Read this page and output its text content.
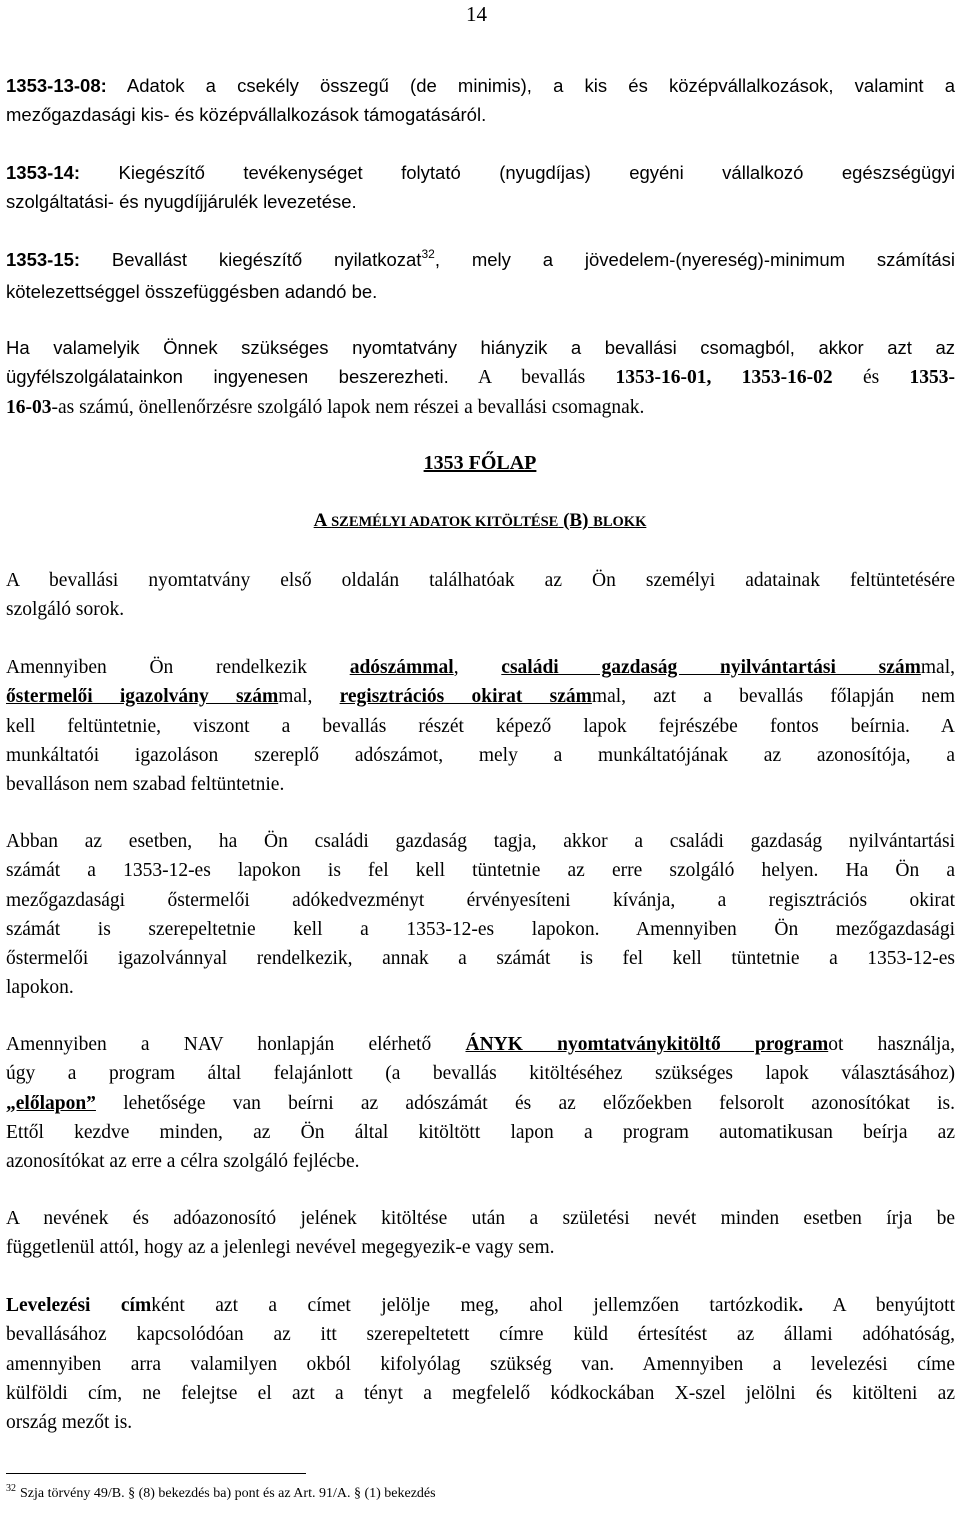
14
1353-13-08: Adatok a csekély összegű (de minimis), a kis és középvállalkozások, valamint a
mezőgazdasági kis- és középvállalkozások támogatásáról.
1353-14: Kiegészítő tevékenységet folytató (nyugdíjas) egyéni vállalkozó egészségügyi
szolgáltatási- és nyugdíjjárulék levezetése.
1353-15: Bevallást kiegészítő nyilatkozat$^{32}$, mely a jövedelem-(nyereség)-minimum számítási
kötelezettséggel összefüggésben adandó be.
Ha valamelyik Önnek szükséges nyomtatvány hiányzik a bevallási csomagból, akkor azt az
ügyfélszolgálatainkon ingyenesen beszerezheti. A bevallás 1353-16-01, 1353-16-02 és 1353-
16-03-as számú, önellenőrzésre szolgáló lapok nem részei a bevallási csomagnak.
1353 FŐLAP
A SZEMÉLYI ADATOK KITÖLTÉSE (B) BLOKK
A bevallási nyomtatvány első oldalán találhatóak az Ön személyi adatainak feltüntetésére
szolgáló sorok.
Amennyiben Ön rendelkezik adószámmal, családi gazdaság nyilvántartási számmal,
őstermelői igazolvány számmal, regisztrációs okirat számmal, azt a bevallás főlapján nem
kell feltüntetnie, viszont a bevallás részét képező lapok fejrészébe fontos beírnia. A
munkáltatói igazoláson szereplő adószámot, mely a munkáltatójának az azonosítója, a
bevalláson nem szabad feltüntetnie.
Abban az esetben, ha Ön családi gazdaság tagja, akkor a családi gazdaság nyilvántartási
számát a 1353-12-es lapokon is fel kell tüntetnie az erre szolgáló helyen. Ha Ön a
mezőgazdasági őstermelői adókedvezményt érvényesíteni kívánja, a regisztrációs okirat
számát is szerepeltetnie kell a 1353-12-es lapokon. Amennyiben Ön mezőgazdasági
őstermelői igazolvánnyal rendelkezik, annak a számát is fel kell tüntetnie a 1353-12-es
lapokon.
Amennyiben a NAV honlapján elérhető ÁNYK nyomtatványkitöltő programot használja,
úgy a program által felajánlott (a bevallás kitöltéséhez szükséges lapok választásához)
„előlapon” lehetősége van beírni az adószámát és az előzőekben felsorolt azonosítókat is.
Ettől kezdve minden, az Ön által kitöltött lapon a program automatikusan beírja az
azonosítókat az erre a célra szolgáló fejlécbe.
A nevének és adóazonosító jelének kitöltése után a születési nevét minden esetben írja be
függetlenül attól, hogy az a jelenlegi nevével megegyezik-e vagy sem.
Levelezési címként azt a címet jelölje meg, ahol jellemzően tartózkodik. A benyújtott
bevallásához kapcsolódóan az itt szerepeltetett címre küld értesítést az állami adóhatóság,
amennyiben arra valamilyen okból kifolyólag szükség van. Amennyiben a levelezési címe
külföldi cím, ne felejtse el azt a tényt a megfelelő kódkockában X-szel jelölni és kitölteni az
ország mezőt is.
$^{32}$ Szja törvény 49/B. § (8) bekezdés ba) pont és az Art. 91/A. § (1) bekezdés
